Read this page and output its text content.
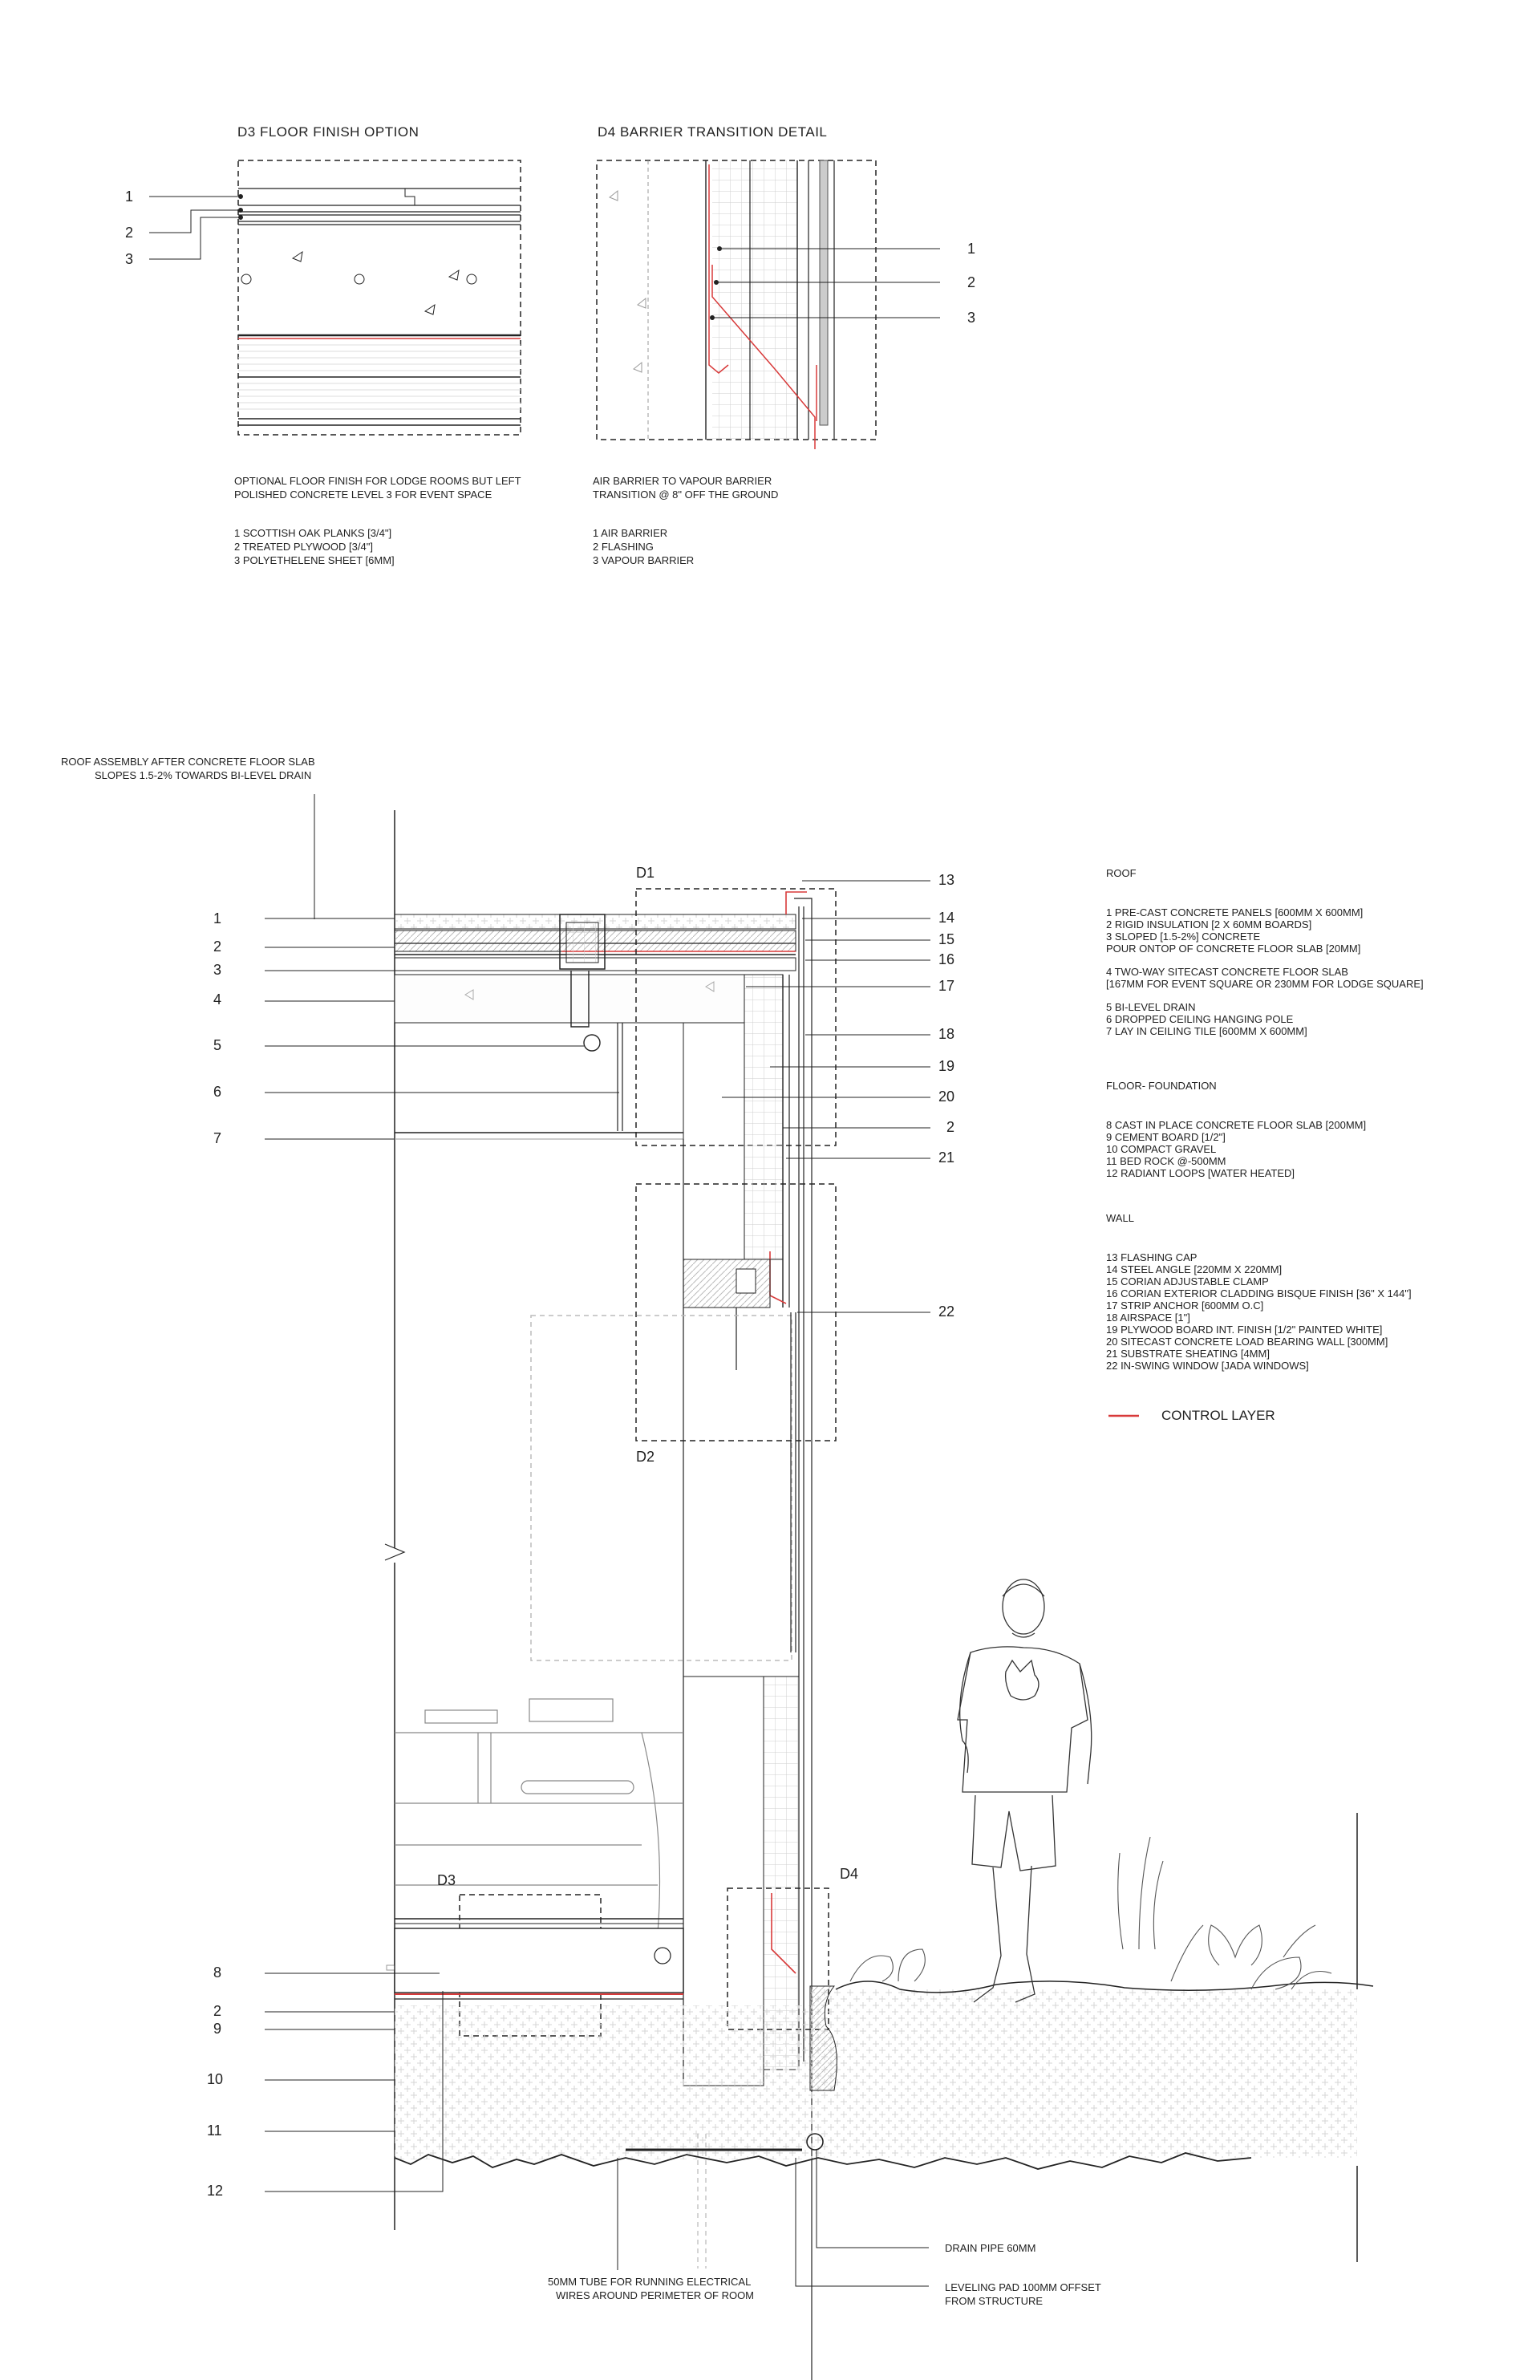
D3 FLOOR FINISH OPTION
1
2
3
OPTIONAL FLOOR FINISH FOR LODGE ROOMS BUT LEFT
POLISHED CONCRETE LEVEL 3 FOR EVENT SPACE
1 SCOTTISH OAK PLANKS [3/4"]
2 TREATED PLYWOOD [3/4"]
3 POLYETHELENE SHEET [6MM]
D4 BARRIER TRANSITION DETAIL
1
2
3
AIR BARRIER TO VAPOUR BARRIER
TRANSITION @ 8" OFF THE GROUND
1 AIR BARRIER
2 FLASHING
3 VAPOUR BARRIER
ROOF ASSEMBLY AFTER CONCRETE FLOOR SLAB
SLOPES 1.5-2% TOWARDS BI-LEVEL DRAIN
1
2
3
4
5
6
7
8
2
9
10
11
12
13
14
15
16
17
18
19
20
2
21
22
D1
D2
D3	D4
DRAIN PIPE 60MM
LEVELING PAD 100MM OFFSET
FROM STRUCTURE
50MM TUBE FOR RUNNING ELECTRICAL
WIRES AROUND PERIMETER OF ROOM
ROOF
1 PRE-CAST CONCRETE PANELS [600MM X 600MM]
2 RIGID INSULATION [2 X 60MM BOARDS]
3 SLOPED [1.5-2%] CONCRETE
POUR ONTOP OF CONCRETE FLOOR SLAB [20MM]
4 TWO-WAY SITECAST CONCRETE FLOOR SLAB
[167MM FOR EVENT SQUARE OR 230MM FOR LODGE SQUARE]
5 BI-LEVEL DRAIN
6 DROPPED CEILING HANGING POLE
7 LAY IN CEILING TILE [600MM X 600MM]
FLOOR- FOUNDATION
8 CAST IN PLACE CONCRETE FLOOR SLAB [200MM]
9 CEMENT BOARD [1/2"]
10 COMPACT GRAVEL
11 BED ROCK @-500MM
12 RADIANT LOOPS [WATER HEATED]
WALL
13 FLASHING CAP
14 STEEL ANGLE [220MM X 220MM]
15 CORIAN ADJUSTABLE CLAMP
16 CORIAN EXTERIOR CLADDING BISQUE FINISH [36" X 144"]
17 STRIP ANCHOR [600MM O.C]
18 AIRSPACE [1"]
19 PLYWOOD BOARD INT. FINISH [1/2" PAINTED WHITE]
20 SITECAST CONCRETE LOAD BEARING WALL [300MM]
21 SUBSTRATE SHEATING [4MM]
22 IN-SWING WINDOW [JADA WINDOWS]
CONTROL LAYER
